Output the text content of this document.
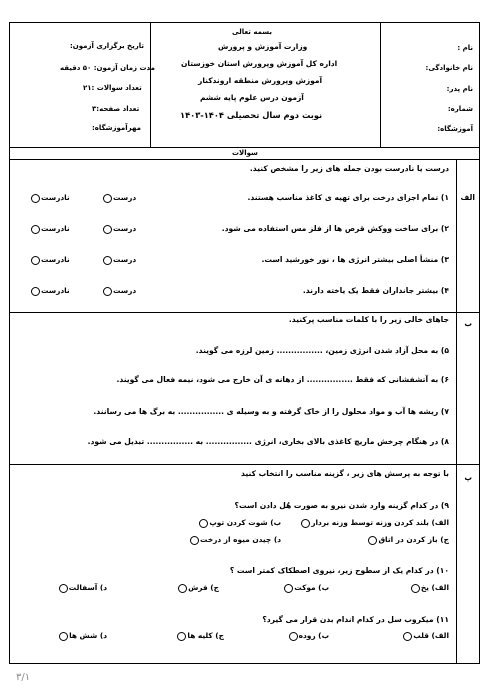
بسمه تعالی
وزارت آموزش و پرورش
اداره کل آموزش وپرورش استان خوزستان
آموزش وپرورش منطقه اروندکنار
آزمون درس علوم پایه ششم
نوبت دوم سال تحصیلی ۱۴۰۴-۱۴۰۳
نام :
نام خانوادگی:
نام پدر:
شماره:
آموزشگاه:
تاریخ برگزاری آزمون:
مدت زمان آزمون: ۵۰ دقیقه
تعداد سوالات :۲۱
تعداد صفحه:۳
مهرآموزشگاه:
سوالات
الف
درست یا نادرست بودن جمله های زیر را مشخص کنید.
۱) تمام اجزای درخت برای تهیه ی کاغذ مناسب هستند.
۲) برای ساخت ووکش قرص ها از فلز مس استفاده می شود.
۳) منشأ اصلی بیشتر انرژی ها ، نور خورشید است.
۴) بیشتر جانداران فقط یک یاخته دارند.
نادرست	درست
نادرست	درست
نادرست	درست
نادرست	درست
ب
جاهای خالی زیر را با کلمات مناسب پرکنید.
۵) به محل آزاد شدن انرژی زمین، ................ زمین لرزه می گویند.
۶) به آتشفشانی که فقط ................ از دهانه ی آن خارج می شود، نیمه فعال می گویند.
۷) ریشه ها آب و مواد محلول را از خاک گرفته و به وسیله ی ................ به برگ ها می رسانند.
۸) در هنگام چرخش ماریچ کاغذی بالای بخاری، انرژی ................ به ................ تبدیل می شود.
پ
با توجه به پرسش های زیر ، گزینه مناسب را انتخاب کنید
۹) در کدام گزینه وارد شدن نیرو به صورت هُل دادن است؟
الف) بلند کردن وزنه توسط وزنه بردار
ب) شوت کردن توپ
ج) باز کردن در اتاق
د) چیدن میوه از درخت
۱۰) در کدام یک از سطوح زیر، نیروی اصطکاک کمتر است ؟
الف) یخ
ب) موکت
ج) فرش
د) آسفالت
۱۱) میکروب سل در کدام اندام بدن قرار می گیرد؟
الف) قلب
ب) روده
ج) کلیه ها
د) شش ها
۳/۱
